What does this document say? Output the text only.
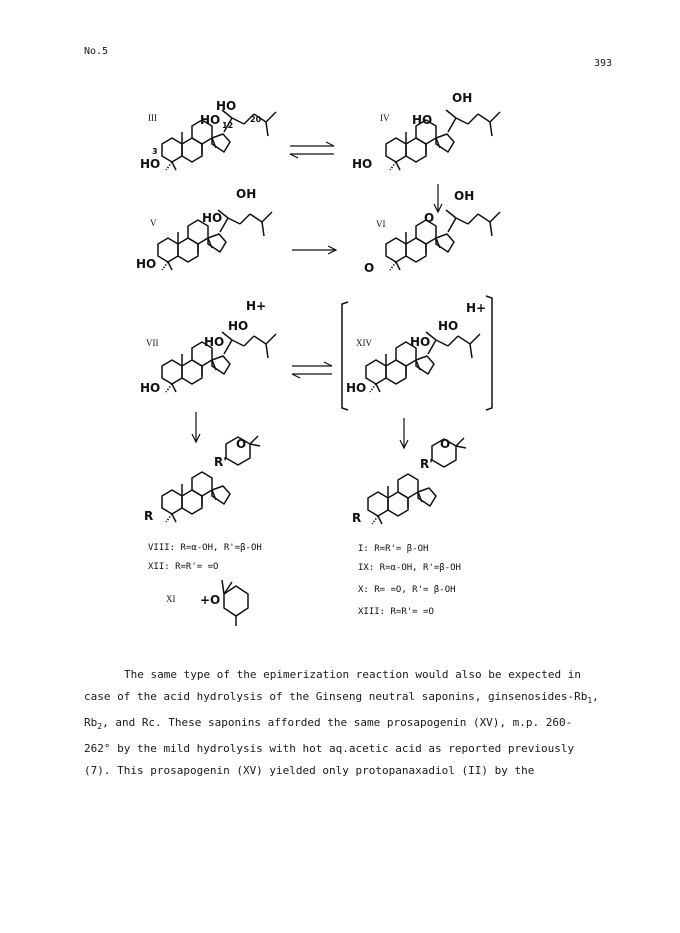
No.5
393
III
HO
HO 12
20
3
HO
IV
OH
HO
HO
V
OH
HO
HO
VI
OH
O
O
VII
H+
HO
HO
HO
XIV
H+
HO
HO
HO
O
R'
R
O
R'
R
VIII: R=α-OH, R'=β-OH
XII: R=R'= =O
XI +O
I: R=R'= β-OH
IX: R=α-OH, R'=β-OH
X: R= =O, R'= β-OH
XIII: R=R'= =O

The same type of the epimerization reaction would also be expected in

case of the acid hydrolysis of the Ginseng neutral saponins, ginsenosides-$Rb_1$,

$Rb_2$, and Rc. These saponins afforded the same prosapogenin (XV), m.p. 260-

262° by the mild hydrolysis with hot aq.acetic acid as reported previously

(7). This prosapogenin (XV) yielded only protopanaxadiol (II) by the
